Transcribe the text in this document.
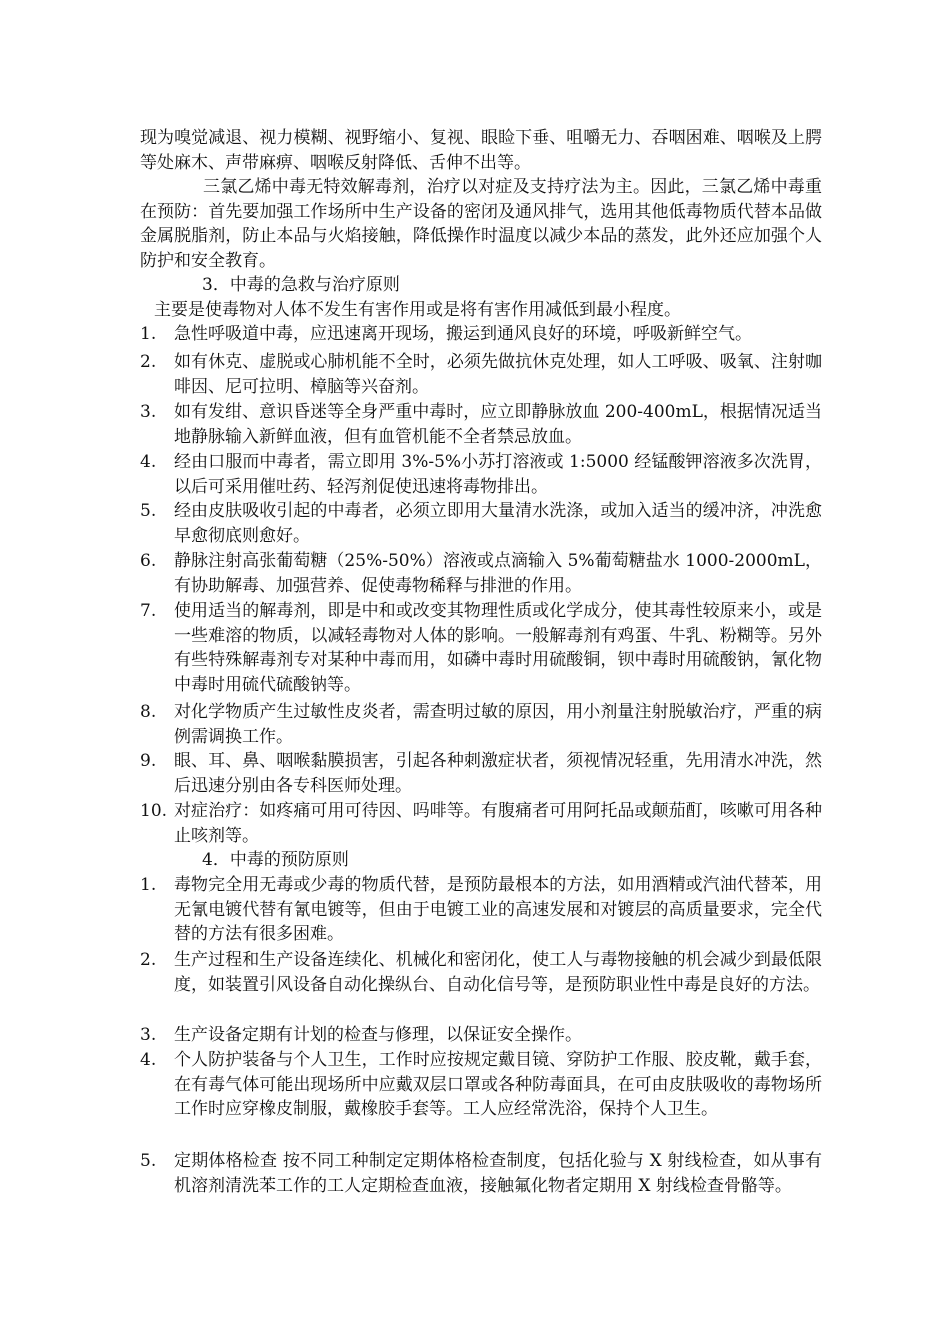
现为嗅觉减退、视力模糊、视野缩小、复视、眼睑下垂、咀嚼无力、吞咽困难、咽喉及上腭等处麻木、声带麻痹、咽喉反射降低、舌伸不出等。

三氯乙烯中毒无特效解毒剂，治疗以对症及支持疗法为主。因此，三氯乙烯中毒重在预防：首先要加强工作场所中生产设备的密闭及通风排气，选用其他低毒物质代替本品做金属脱脂剂，防止本品与火焰接触，降低操作时温度以减少本品的蒸发，此外还应加强个人防护和安全教育。

3．中毒的急救与治疗原则

主要是使毒物对人体不发生有害作用或是将有害作用减低到最小程度。

1. 急性呼吸道中毒，应迅速离开现场，搬运到通风良好的环境，呼吸新鲜空气。
2. 如有休克、虚脱或心肺机能不全时，必须先做抗休克处理，如人工呼吸、吸氧、注射咖啡因、尼可拉明、樟脑等兴奋剂。
3. 如有发绀、意识昏迷等全身严重中毒时，应立即静脉放血 200-400mL，根据情况适当地静脉输入新鲜血液，但有血管机能不全者禁忌放血。
4. 经由口服而中毒者，需立即用 3%-5%小苏打溶液或 1:5000 经锰酸钾溶液多次洗胃，以后可采用催吐药、轻泻剂促使迅速将毒物排出。
5. 经由皮肤吸收引起的中毒者，必须立即用大量清水洗涤，或加入适当的缓冲济，冲洗愈早愈彻底则愈好。
6. 静脉注射高张葡萄糖（25%-50%）溶液或点滴输入 5%葡萄糖盐水 1000-2000mL，有协助解毒、加强营养、促使毒物稀释与排泄的作用。
7. 使用适当的解毒剂，即是中和或改变其物理性质或化学成分，使其毒性较原来小，或是一些难溶的物质，以减轻毒物对人体的影响。一般解毒剂有鸡蛋、牛乳、粉糊等。另外有些特殊解毒剂专对某种中毒而用，如磷中毒时用硫酸铜，钡中毒时用硫酸钠，氰化物中毒时用硫代硫酸钠等。
8. 对化学物质产生过敏性皮炎者，需查明过敏的原因，用小剂量注射脱敏治疗，严重的病例需调换工作。
9. 眼、耳、鼻、咽喉黏膜损害，引起各种刺激症状者，须视情况轻重，先用清水冲洗，然后迅速分别由各专科医师处理。
10. 对症治疗：如疼痛可用可待因、吗啡等。有腹痛者可用阿托品或颠茄酊，咳嗽可用各种止咳剂等。

4．中毒的预防原则

1. 毒物完全用无毒或少毒的物质代替，是预防最根本的方法，如用酒精或汽油代替苯，用无氰电镀代替有氰电镀等，但由于电镀工业的高速发展和对镀层的高质量要求，完全代替的方法有很多困难。
2. 生产过程和生产设备连续化、机械化和密闭化，使工人与毒物接触的机会减少到最低限度，如装置引风设备自动化操纵台、自动化信号等，是预防职业性中毒是良好的方法。
3. 生产设备定期有计划的检查与修理，以保证安全操作。
4. 个人防护装备与个人卫生，工作时应按规定戴目镜、穿防护工作服、胶皮靴，戴手套，在有毒气体可能出现场所中应戴双层口罩或各种防毒面具，在可由皮肤吸收的毒物场所工作时应穿橡皮制服，戴橡胶手套等。工人应经常洗浴，保持个人卫生。
5. 定期体格检查 按不同工种制定定期体格检查制度，包括化验与 X 射线检查，如从事有机溶剂清洗苯工作的工人定期检查血液，接触氟化物者定期用 X 射线检查骨骼等。
